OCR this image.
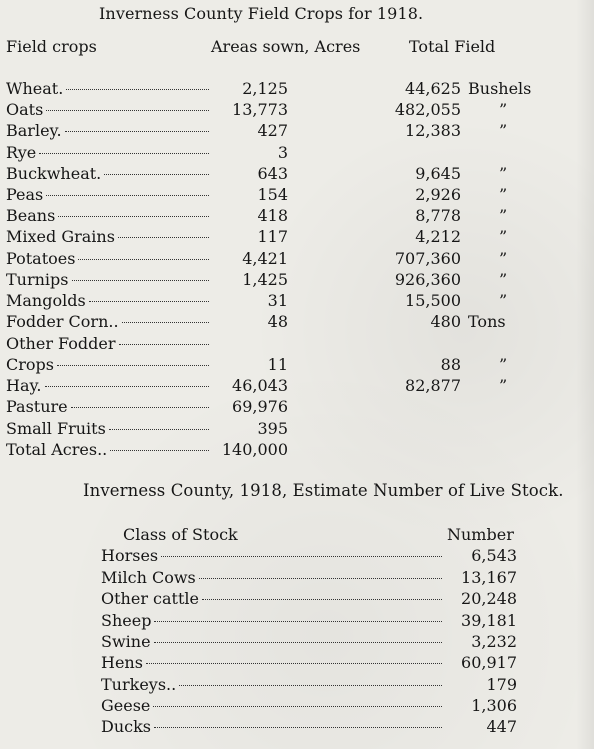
Inverness County Field Crops for 1918.
Field crops	Areas sown, Acres	Total Field
Wheat.	2,125	44,625 Bushels
Oats	13,773	482,055	”
Barley.	427	12,383	”
Rye	3
Buckwheat.	643	9,645	”
Peas	154	2,926	”
Beans	418	8,778	”
Mixed Grains	117	4,212	”
Potatoes	4,421	707,360	”
Turnips	1,425	926,360	”
Mangolds	31	15,500	”
Fodder Corn..	48	480 Tons
Other Fodder
Crops	11	88	”
Hay.	46,043	82,877	”
Pasture	69,976
Small Fruits	395
Total Acres..	140,000
Inverness County, 1918, Estimate Number of Live Stock.
Class of Stock	Number
Horses	6,543
Milch Cows	13,167
Other cattle	20,248
Sheep	39,181
Swine	3,232
Hens	60,917
Turkeys..	179
Geese	1,306
Ducks	447
